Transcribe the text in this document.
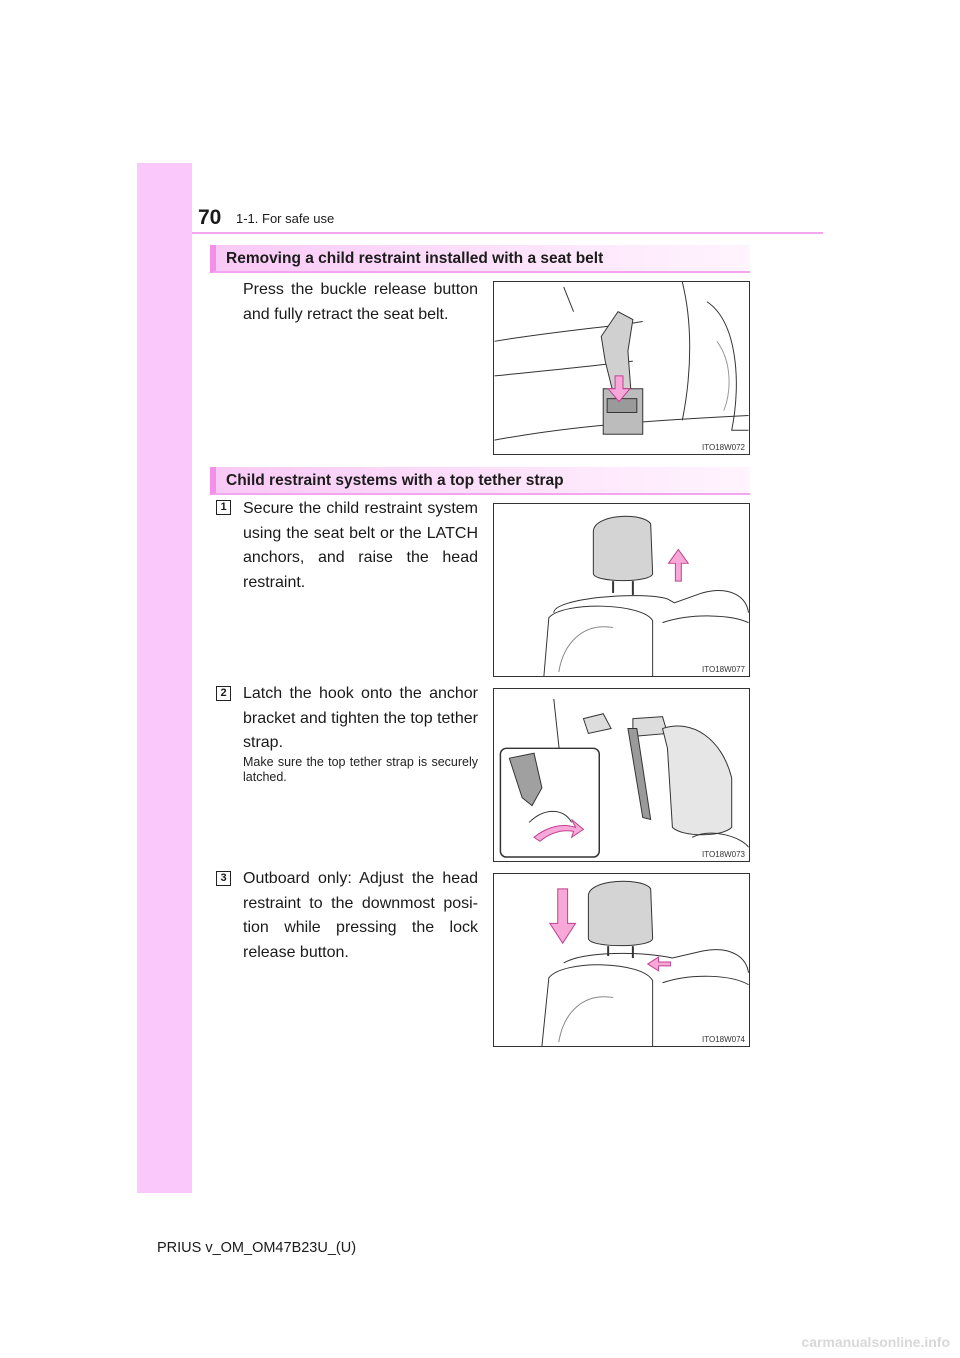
70 1-1. For safe use
Removing a child restraint installed with a seat belt
Press the buckle release button and fully retract the seat belt.
ITO18W072
Child restraint systems with a top tether strap
1 Secure the child restraint system using the seat belt or the LATCH anchors, and raise the head restraint.
ITO18W077
2 Latch the hook onto the anchor bracket and tighten the top tether strap.
Make sure the top tether strap is securely latched.
ITO18W073
3 Outboard only: Adjust the head restraint to the downmost position while pressing the lock release button.
ITO18W074
PRIUS v_OM_OM47B23U_(U)
carmanualsonline.info
